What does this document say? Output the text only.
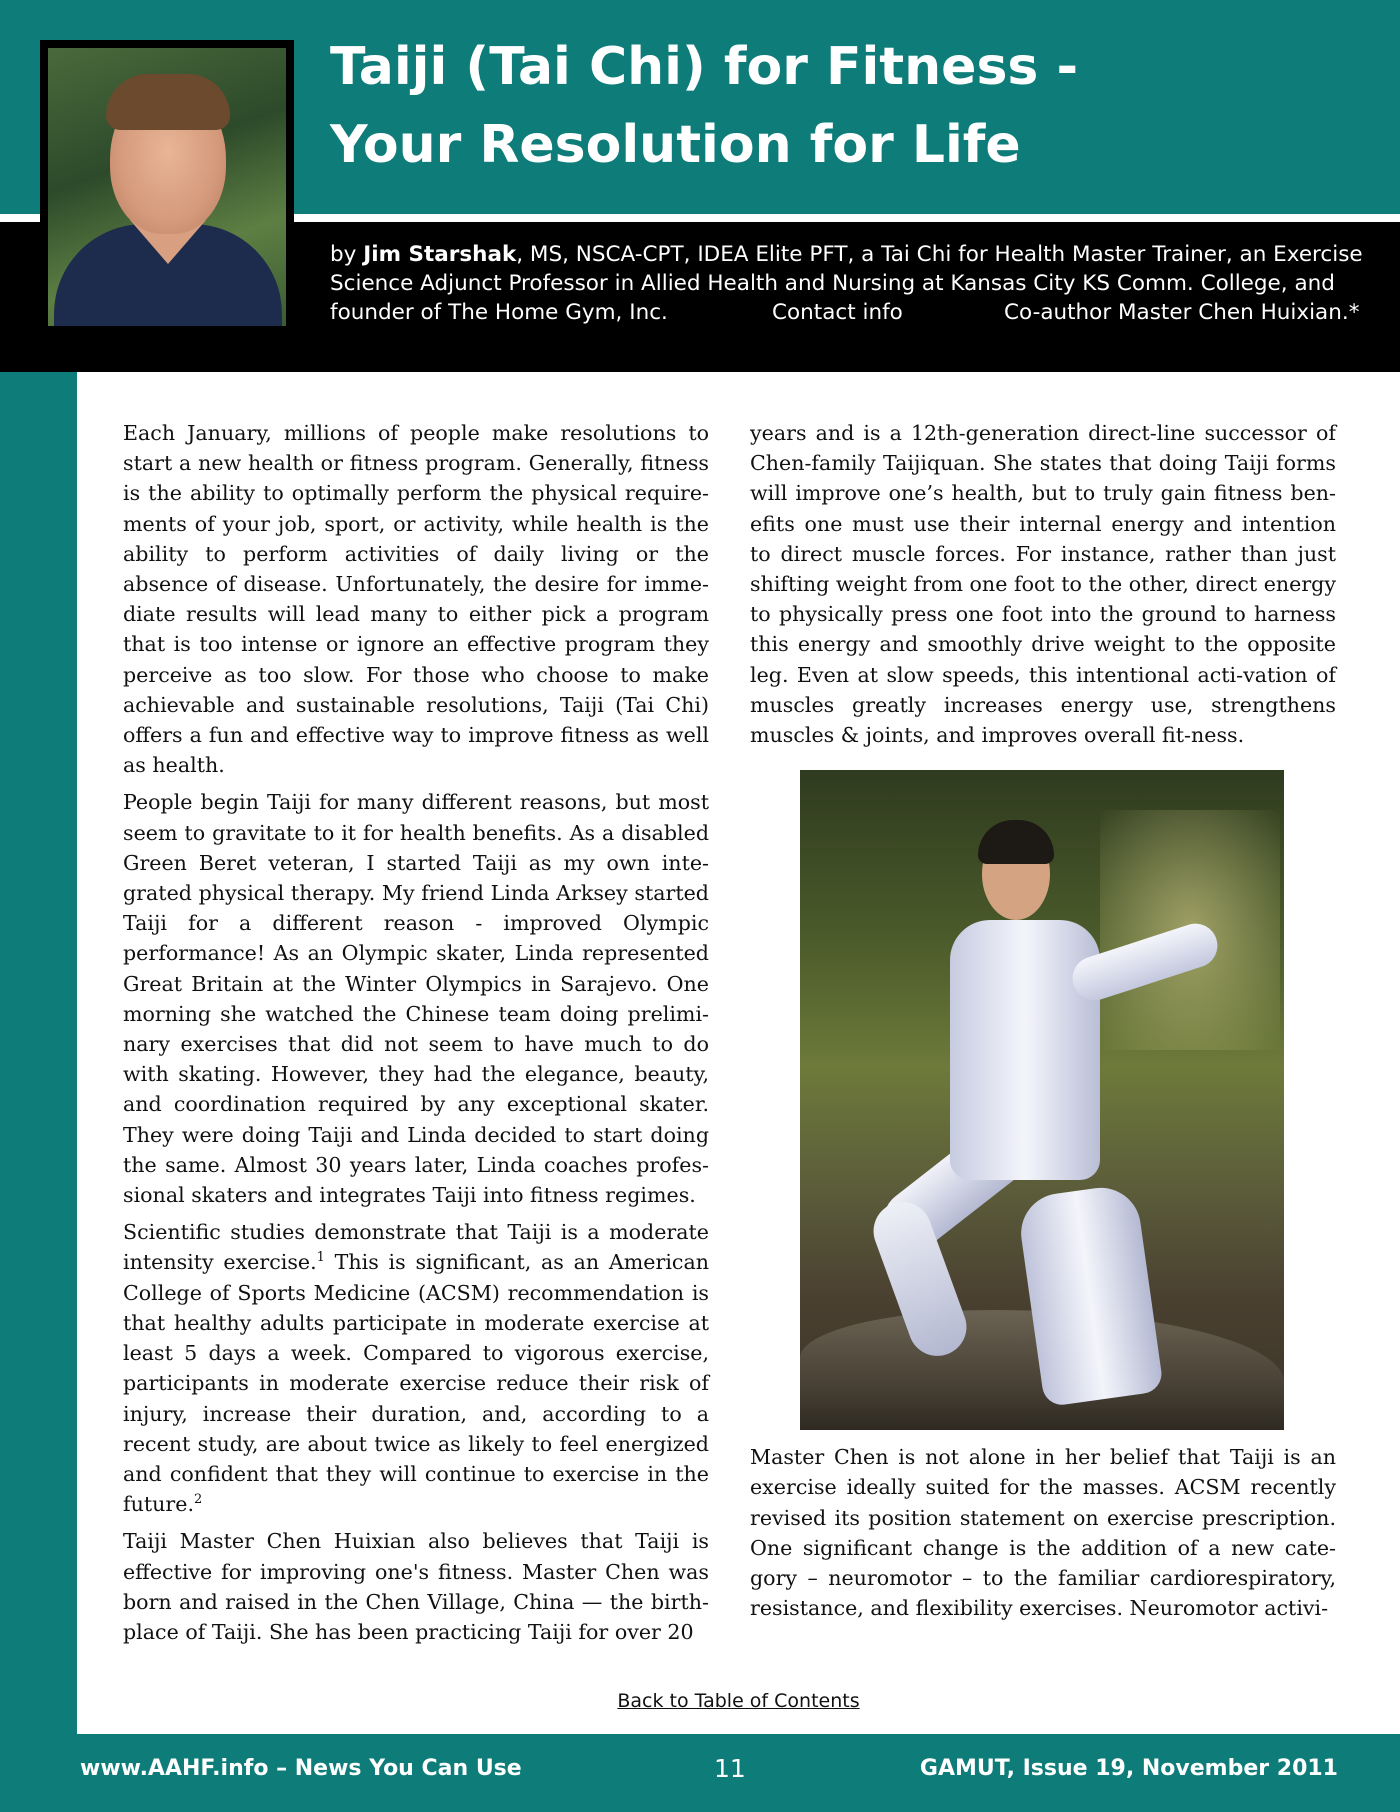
Taiji (Tai Chi) for Fitness -
Your Resolution for Life
by Jim Starshak, MS, NSCA-CPT, IDEA Elite PFT, a Tai Chi for Health Master Trainer, an Exercise
Science Adjunct Professor in Allied Health and Nursing at Kansas City KS Comm. College, and
founder of The Home Gym, Inc.	Contact info	Co-author Master Chen Huixian.*

Each January, millions of people make resolutions to start a new health or fitness program. Generally, fitness is the ability to optimally perform the physical require-ments of your job, sport, or activity, while health is the ability to perform activities of daily living or the absence of disease. Unfortunately, the desire for imme-diate results will lead many to either pick a program that is too intense or ignore an effective program they perceive as too slow. For those who choose to make achievable and sustainable resolutions, Taiji (Tai Chi) offers a fun and effective way to improve fitness as well as health.

People begin Taiji for many different reasons, but most seem to gravitate to it for health benefits. As a disabled Green Beret veteran, I started Taiji as my own inte-grated physical therapy. My friend Linda Arksey started Taiji for a different reason - improved Olympic performance! As an Olympic skater, Linda represented Great Britain at the Winter Olympics in Sarajevo. One morning she watched the Chinese team doing prelimi-nary exercises that did not seem to have much to do with skating. However, they had the elegance, beauty, and coordination required by any exceptional skater. They were doing Taiji and Linda decided to start doing the same. Almost 30 years later, Linda coaches profes-sional skaters and integrates Taiji into fitness regimes.

Scientific studies demonstrate that Taiji is a moderate intensity exercise.$^1$ This is significant, as an American College of Sports Medicine (ACSM) recommendation is that healthy adults participate in moderate exercise at least 5 days a week. Compared to vigorous exercise, participants in moderate exercise reduce their risk of injury, increase their duration, and, according to a recent study, are about twice as likely to feel energized and confident that they will continue to exercise in the future.$^2$

Taiji Master Chen Huixian also believes that Taiji is effective for improving one's fitness. Master Chen was born and raised in the Chen Village, China — the birth-place of Taiji. She has been practicing Taiji for over 20

years and is a 12th-generation direct-line successor of Chen-family Taijiquan. She states that doing Taiji forms will improve one’s health, but to truly gain fitness ben-efits one must use their internal energy and intention to direct muscle forces. For instance, rather than just shifting weight from one foot to the other, direct energy to physically press one foot into the ground to harness this energy and smoothly drive weight to the opposite leg. Even at slow speeds, this intentional acti-vation of muscles greatly increases energy use, strengthens muscles & joints, and improves overall fit-ness.

Master Chen is not alone in her belief that Taiji is an exercise ideally suited for the masses. ACSM recently revised its position statement on exercise prescription. One significant change is the addition of a new cate-gory – neuromotor – to the familiar cardiorespiratory, resistance, and flexibility exercises. Neuromotor activi-

Back to Table of Contents
www.AAHF.info – News You Can Use	11	GAMUT, Issue 19, November 2011
